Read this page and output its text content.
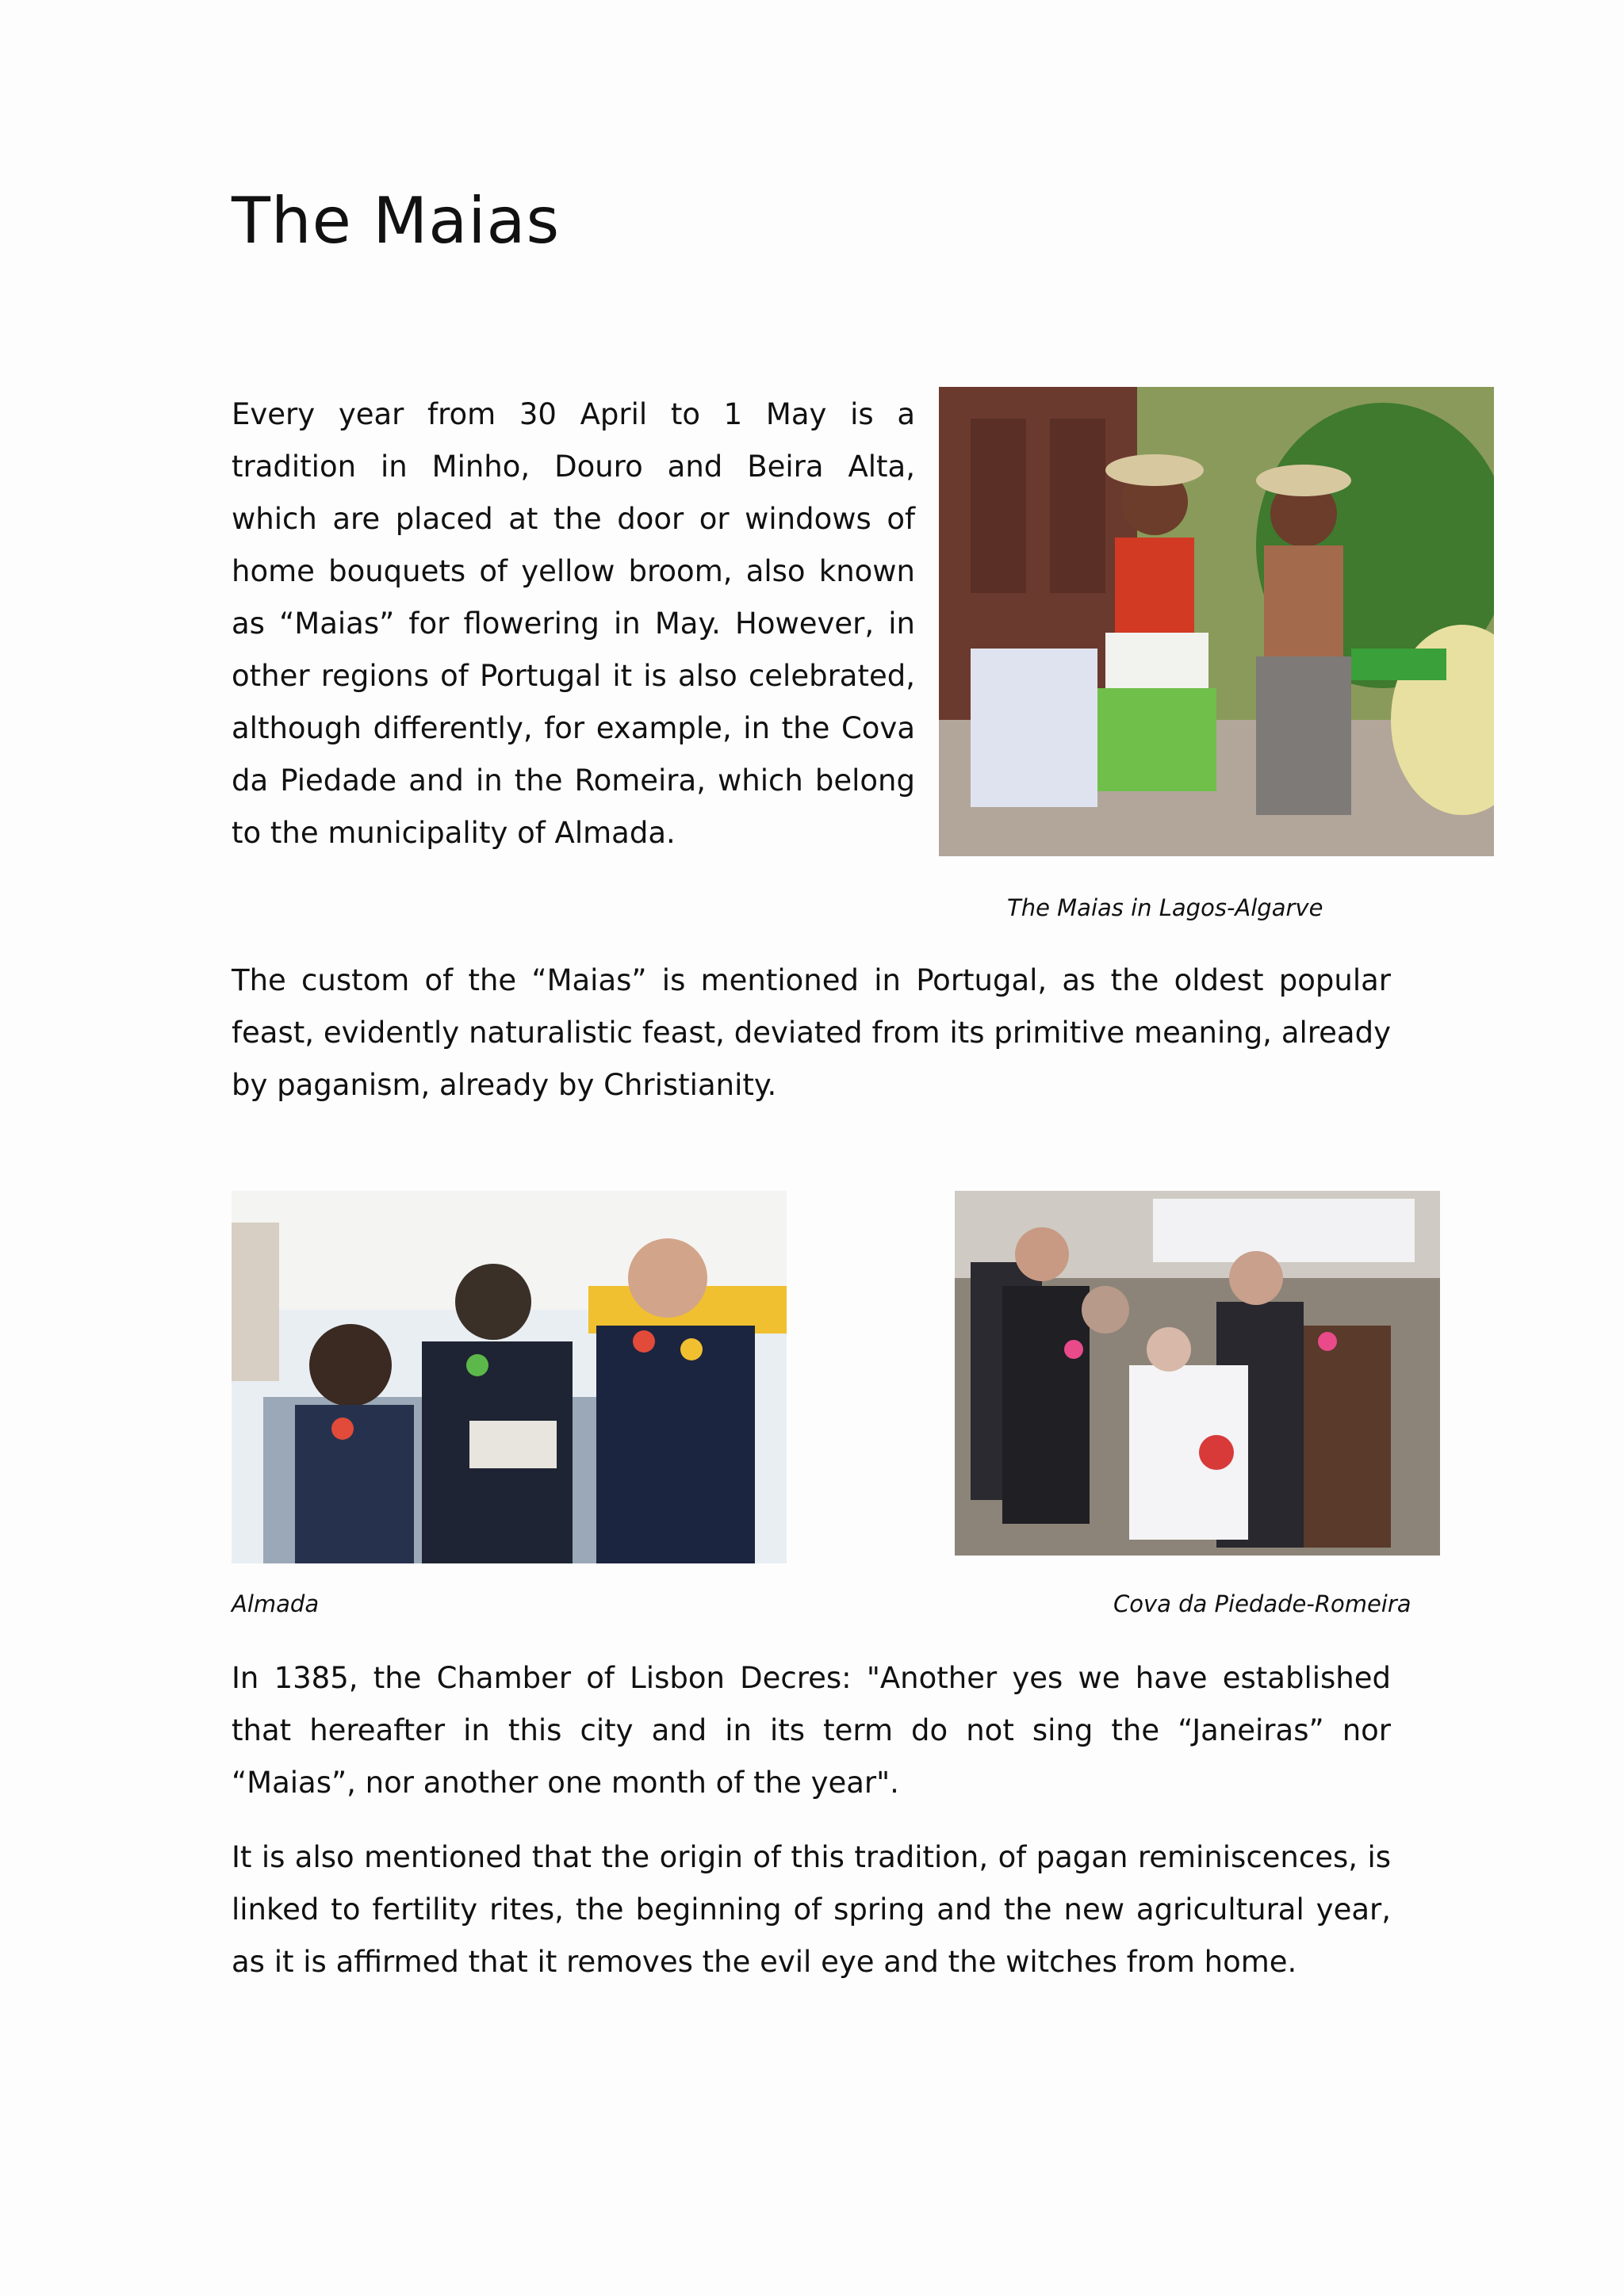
The Maias

Every year from 30 April to 1 May is a tradition in Minho, Douro and Beira Alta, which are placed at the door or windows of home bouquets of yellow broom, also known as “Maias” for flowering in May. However, in other regions of Portugal it is also celebrated, although differently, for example, in the Cova da Piedade and in the Romeira, which belong to the municipality of Almada.

The Maias in Lagos-Algarve

The custom of the “Maias” is mentioned in Portugal, as the oldest popular feast, evidently naturalistic feast, deviated from its primitive meaning, already by paganism, already by Christianity.

Almada	Cova da Piedade-Romeira

In 1385, the Chamber of Lisbon Decres: "Another yes we have established that hereafter in this city and in its term do not sing the “Janeiras” nor “Maias”, nor another one month of the year".

It is also mentioned that the origin of this tradition, of pagan reminiscences, is linked to fertility rites, the beginning of spring and the new agricultural year, as it is affirmed that it removes the evil eye and the witches from home.
